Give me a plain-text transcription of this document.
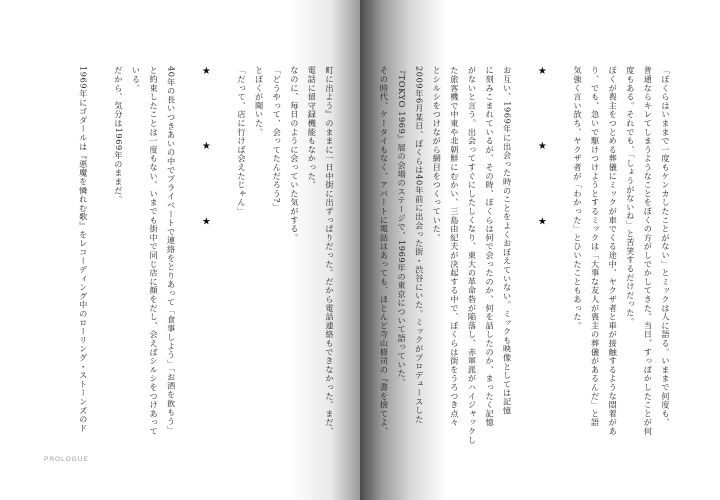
町に出よう』のままに一日中街に出ずっぱりだった。だから電話連絡もできなかった。まだ、
電話に留守録機能もなかった。
なのに、毎日のように会っていた気がする。
「どうやって、会ってたんだろう?」
とぼくが聞いた。
「だって、店に行けば会えたじゃん」
★　　　　　　★　　　　　　★
40年の長いつきあいの中でプライベートで連絡をとりあって「食事しよう」「お酒を飲もう」
と約束したことは一度もない。いまでも街中で同じ店に顔をだし、会えばシルシをつけあって
いる。
だから、気分は1969年のままだ。
1969年にゴダールは『悪魔を憐れむ歌』をレコーディング中のローリング・ストーンズのド
PROLOGUE
「ぼくらはいままで一度もケンカしたことがない」とミックは人に語る。いままで何度も、
普通ならキレてしまうようなことをぼくの方がしでかしてきた。当日、すっぽかしたことが何
度もある。それでも、「しょうがないね」と苦笑するだけだった。
ぼくが喪主をつとめる葬儀にミックが車でくる途中、ヤクザ者と車が接触するような悶着があ
り、でも、急いで駆けつけようとするミックは「大事な友人が喪主の葬儀があるんだ」と語
気強く言い放ち、ヤクザ者が「わかった」とひいたこともあった。
★　　　　　　★　　　　　　★
お互い、1969年に出会った時のことをよくおぼえていない。ミックも映像としては記憶
に刻みこまれているが、その時、ぼくらは何で会ったのか、何を話したのか、まったく記憶
がないと言う。出会ってすぐにしたしくなり、東大の革命砦が陥落し、赤軍派がハイジャックし
た旅客機で中東や北朝鮮にむかい、三島由紀夫が決起する中で、ぼくらは街をうろつき点々
とシルシをつけながら網目をつくっていた。
2009年6月某日、ぼくらは40年前に出会った街・渋谷にいた。ミックがプロデュースした
『TOKYO 1969』展の会場のステージで、1969年の東京について語っていた。
その時代、ケータイもなく、アパートに電話はあっても、ほとんど寺山修司の『書を捨てよ、
